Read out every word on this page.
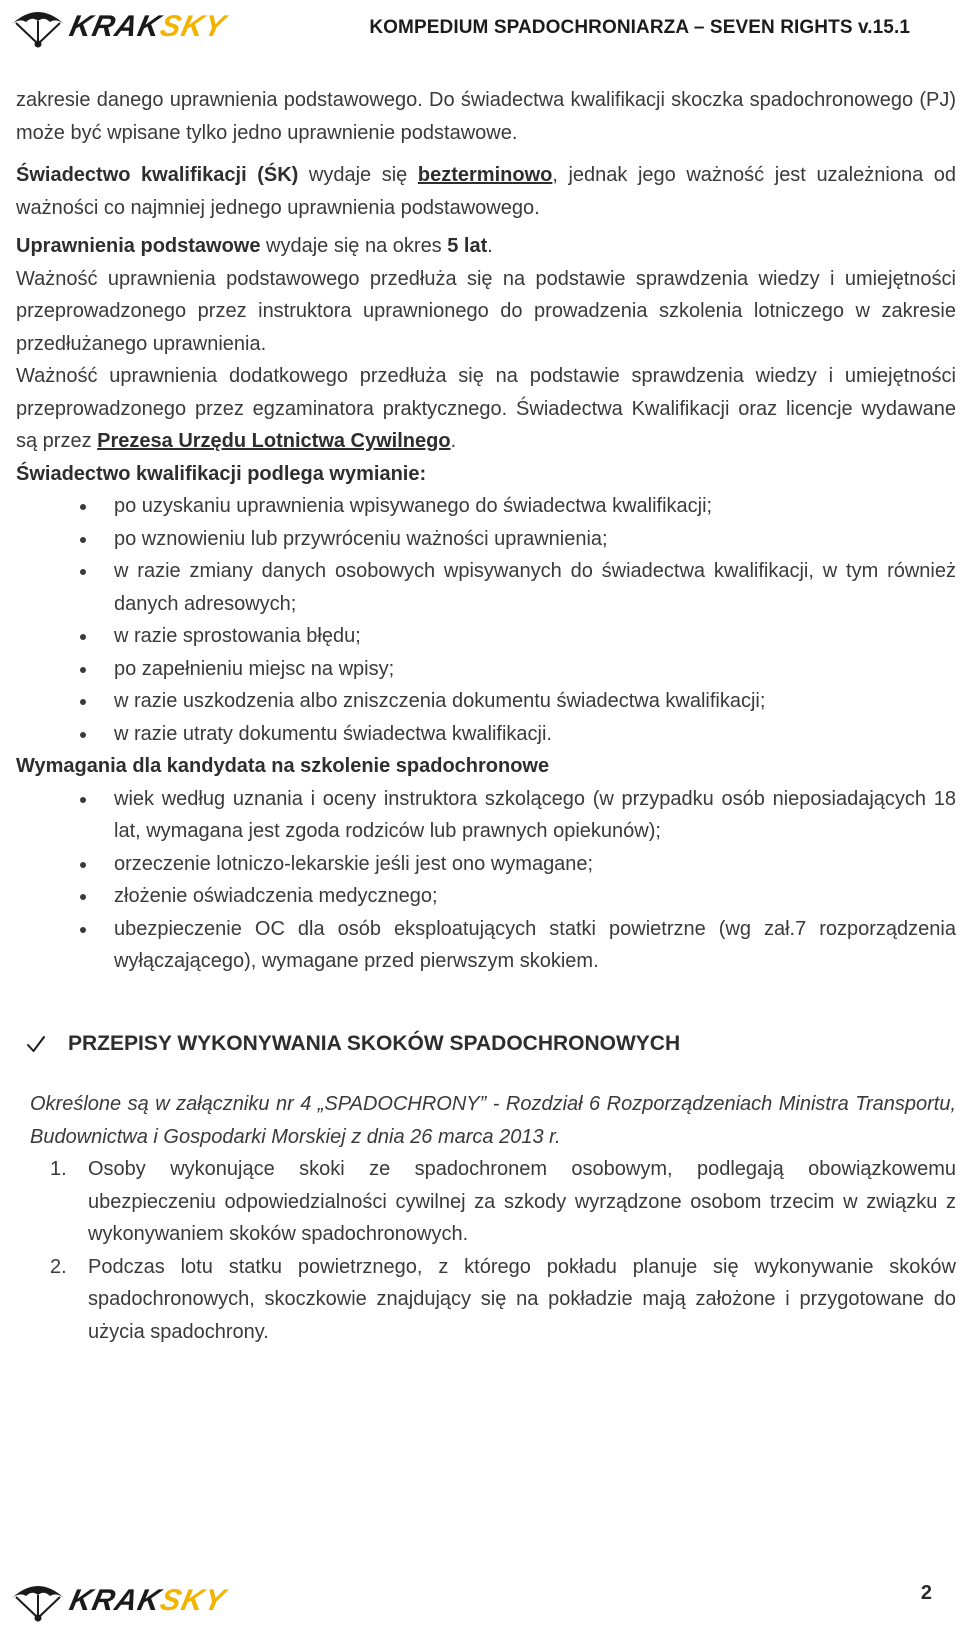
KRAKSKY	KOMPEDIUM SPADOCHRONIARZA – SEVEN RIGHTS v.15.1

zakresie danego uprawnienia podstawowego. Do świadectwa kwalifikacji skoczka spadochronowego (PJ) może być wpisane tylko jedno uprawnienie podstawowe.

Świadectwo kwalifikacji (ŚK) wydaje się bezterminowo, jednak jego ważność jest uzależniona od ważności co najmniej jednego uprawnienia podstawowego.

Uprawnienia podstawowe wydaje się na okres 5 lat.

Ważność uprawnienia podstawowego przedłuża się na podstawie sprawdzenia wiedzy i umiejętności przeprowadzonego przez instruktora uprawnionego do prowadzenia szkolenia lotniczego w zakresie przedłużanego uprawnienia.

Ważność uprawnienia dodatkowego przedłuża się na podstawie sprawdzenia wiedzy i umiejętności przeprowadzonego przez egzaminatora praktycznego. Świadectwa Kwalifikacji oraz licencje wydawane są przez Prezesa Urzędu Lotnictwa Cywilnego.

Świadectwo kwalifikacji podlega wymianie:

po uzyskaniu uprawnienia wpisywanego do świadectwa kwalifikacji;
po wznowieniu lub przywróceniu ważności uprawnienia;
w razie zmiany danych osobowych wpisywanych do świadectwa kwalifikacji, w tym również danych adresowych;
w razie sprostowania błędu;
po zapełnieniu miejsc na wpisy;
w razie uszkodzenia albo zniszczenia dokumentu świadectwa kwalifikacji;
w razie utraty dokumentu świadectwa kwalifikacji.

Wymagania dla kandydata na szkolenie spadochronowe

wiek według uznania i oceny instruktora szkolącego (w przypadku osób nieposiadających 18 lat, wymagana jest zgoda rodziców lub prawnych opiekunów);
orzeczenie lotniczo-lekarskie jeśli jest ono wymagane;
złożenie oświadczenia medycznego;
ubezpieczenie OC dla osób eksploatujących statki powietrzne (wg zał.7 rozporządzenia wyłączającego), wymagane przed pierwszym skokiem.
PRZEPISY WYKONYWANIA SKOKÓW SPADOCHRONOWYCH

Określone są w załączniku nr 4 „SPADOCHRONY” - Rozdział 6 Rozporządzeniach Ministra Transportu, Budownictwa i Gospodarki Morskiej z dnia 26 marca 2013 r.

1. Osoby wykonujące skoki ze spadochronem osobowym, podlegają obowiązkowemu ubezpieczeniu odpowiedzialności cywilnej za szkody wyrządzone osobom trzecim w związku z wykonywaniem skoków spadochronowych.
2. Podczas lotu statku powietrznego, z którego pokładu planuje się wykonywanie skoków spadochronowych, skoczkowie znajdujący się na pokładzie mają założone i przygotowane do użycia spadochrony.
KRAKSKY	2
